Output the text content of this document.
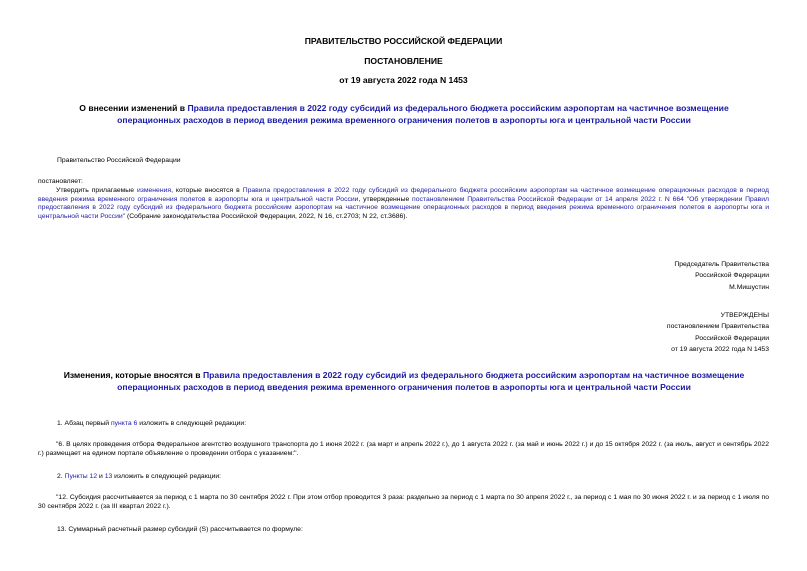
ПРАВИТЕЛЬСТВО РОССИЙСКОЙ ФЕДЕРАЦИИ
ПОСТАНОВЛЕНИЕ
от 19 августа 2022 года N 1453
О внесении изменений в Правила предоставления в 2022 году субсидий из федерального бюджета российским аэропортам на частичное возмещение операционных расходов в период введения режима временного ограничения полетов в аэропорты юга и центральной части России
Правительство Российской Федерации
постановляет:
Утвердить прилагаемые изменения, которые вносятся в Правила предоставления в 2022 году субсидий из федерального бюджета российским аэропортам на частичное возмещение операционных расходов в период введения режима временного ограничения полетов в аэропорты юга и центральной части России, утвержденные постановлением Правительства Российской Федерации от 14 апреля 2022 г. N 664 "Об утверждении Правил предоставления в 2022 году субсидий из федерального бюджета российским аэропортам на частичное возмещение операционных расходов в период введения режима временного ограничения полетов в аэропорты юга и центральной части России" (Собрание законодательства Российской Федерации, 2022, N 16, ст.2703; N 22, ст.3686).
Председатель Правительства
Российской Федерации
М.Мишустин
УТВЕРЖДЕНЫ
постановлением Правительства
Российской Федерации
от 19 августа 2022 года N 1453
Изменения, которые вносятся в Правила предоставления в 2022 году субсидий из федерального бюджета российским аэропортам на частичное возмещение операционных расходов в период введения режима временного ограничения полетов в аэропорты юга и центральной части России
1. Абзац первый пункта 6 изложить в следующей редакции:
"6. В целях проведения отбора Федеральное агентство воздушного транспорта до 1 июня 2022 г. (за март и апрель 2022 г.), до 1 августа 2022 г. (за май и июнь 2022 г.) и до 15 октября 2022 г. (за июль, август и сентябрь 2022 г.) размещает на едином портале объявление о проведении отбора с указанием:".
2. Пункты 12 и 13 изложить в следующей редакции:
"12. Субсидия рассчитывается за период с 1 марта по 30 сентября 2022 г. При этом отбор проводится 3 раза: раздельно за период с 1 марта по 30 апреля 2022 г., за период с 1 мая по 30 июня 2022 г. и за период с 1 июля по 30 сентября 2022 г. (за III квартал 2022 г.).
13. Суммарный расчетный размер субсидий (S) рассчитывается по формуле:
